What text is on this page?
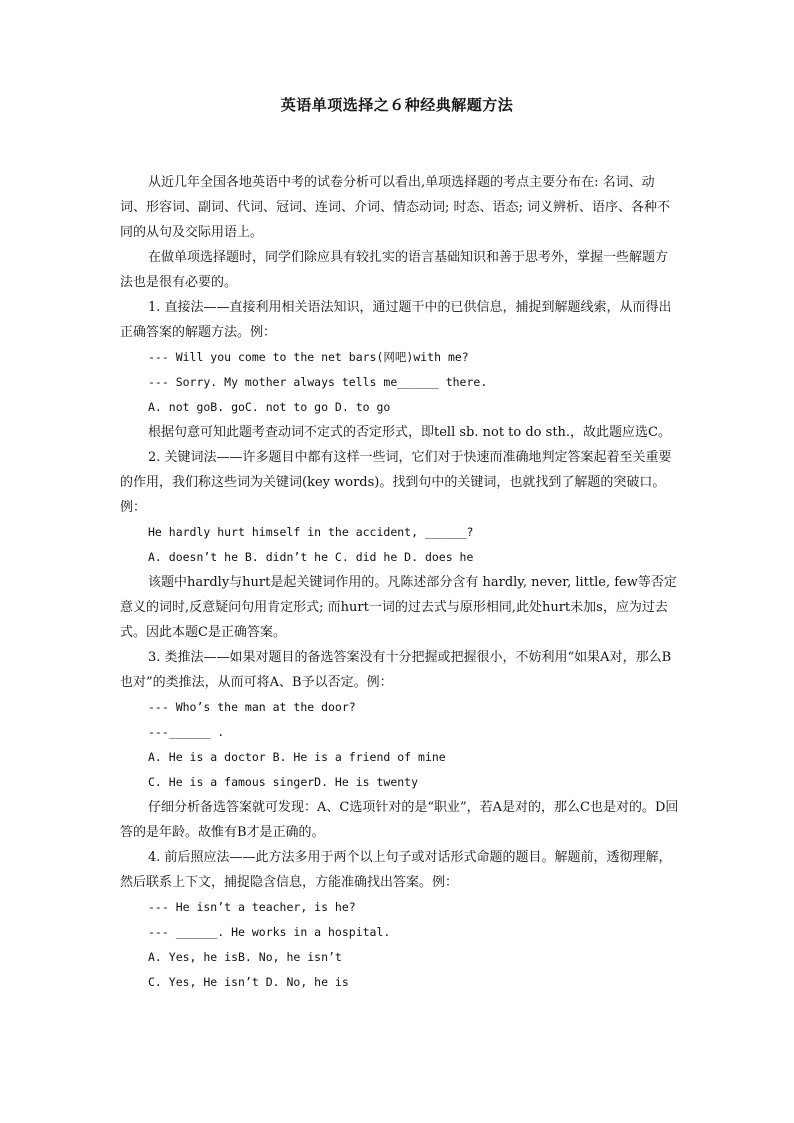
英语单项选择之６种经典解题方法

从近几年全国各地英语中考的试卷分析可以看出,单项选择题的考点主要分布在: 名词、动词、形容词、副词、代词、冠词、连词、介词、情态动词; 时态、语态; 词义辨析、语序、各种不同的从句及交际用语上。

在做单项选择题时，同学们除应具有较扎实的语言基础知识和善于思考外，掌握一些解题方法也是很有必要的。

1. 直接法——直接利用相关语法知识，通过题干中的已供信息，捕捉到解题线索，从而得出正确答案的解题方法。例：

--- Will you come to the net bars(网吧)with me?

--- Sorry. My mother always tells me______ there.

A. not goB. goC. not to go D. to go

根据句意可知此题考查动词不定式的否定形式，即tell sb. not to do sth.，故此题应选C。

2. 关键词法——许多题目中都有这样一些词，它们对于快速而准确地判定答案起着至关重要的作用，我们称这些词为关键词(key words)。找到句中的关键词，也就找到了解题的突破口。例：

He hardly hurt himself in the accident, ______?

A. doesn’t he B. didn’t he C. did he D. does he

该题中hardly与hurt是起关键词作用的。凡陈述部分含有 hardly, never, little, few等否定意义的词时,反意疑问句用肯定形式; 而hurt一词的过去式与原形相同,此处hurt未加s，应为过去式。因此本题C是正确答案。

3. 类推法——如果对题目的备选答案没有十分把握或把握很小，不妨利用“如果A对，那么B也对”的类推法，从而可将A、B予以否定。例：

--- Who’s the man at the door?

---______ .

A. He is a doctor B. He is a friend of mine

C. He is a famous singerD. He is twenty

仔细分析备选答案就可发现：A、C选项针对的是“职业”，若A是对的，那么C也是对的。D回答的是年龄。故惟有B才是正确的。

4. 前后照应法——此方法多用于两个以上句子或对话形式命题的题目。解题前，透彻理解，然后联系上下文，捕捉隐含信息，方能准确找出答案。例：

--- He isn’t a teacher, is he?

--- ______. He works in a hospital.

A. Yes, he isB. No, he isn’t

C. Yes, He isn’t D. No, he is
